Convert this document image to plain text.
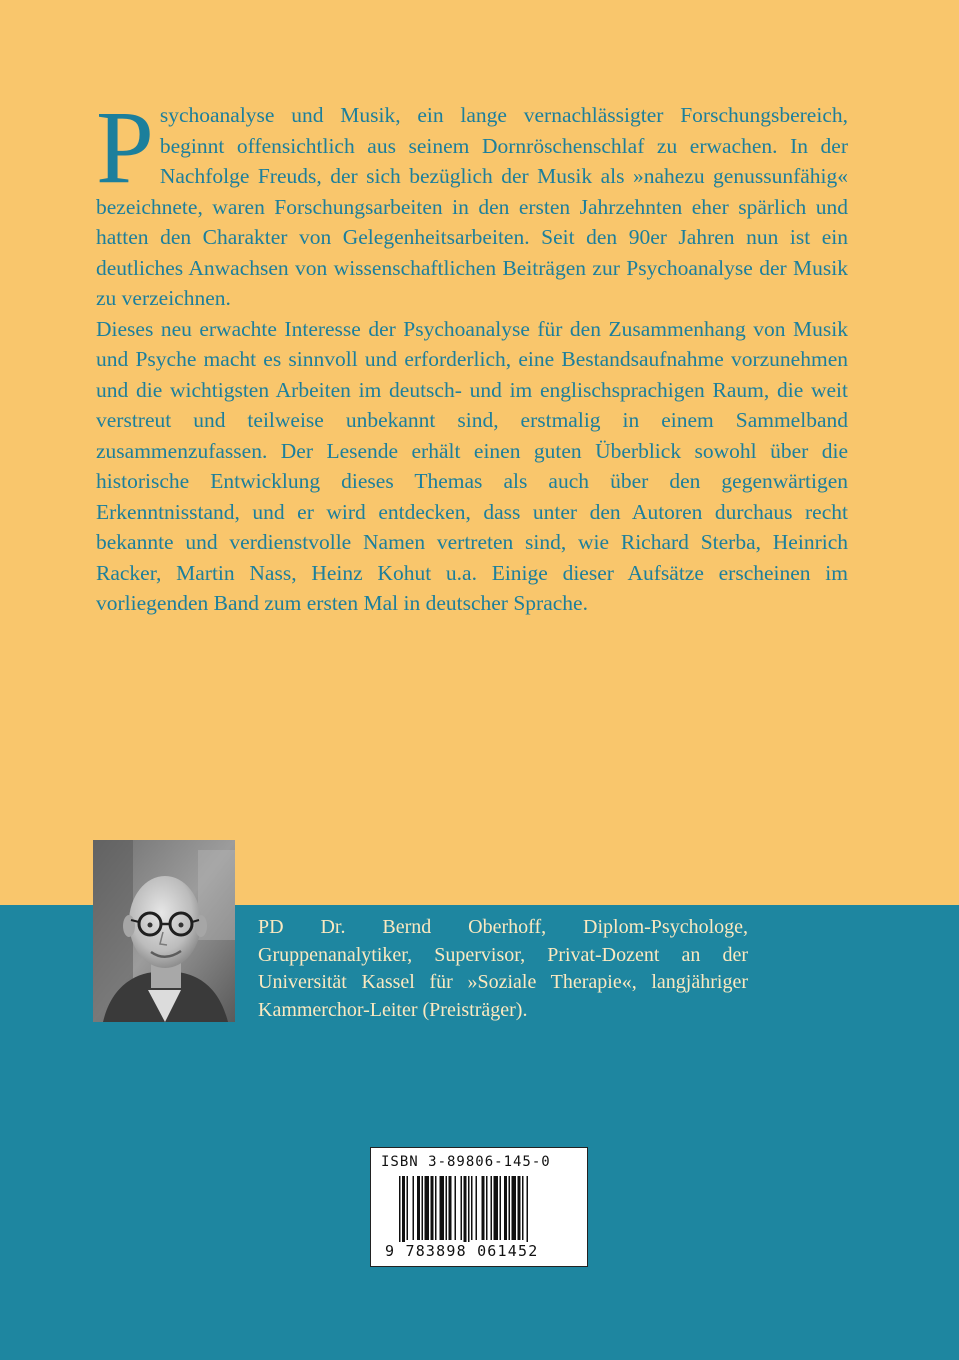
Psychoanalyse und Musik, ein lange vernachlässigter Forschungsbereich, beginnt offensichtlich aus seinem Dornröschenschlaf zu erwachen. In der Nachfolge Freuds, der sich bezüglich der Musik als »nahezu genussunfähig« bezeichnete, waren Forschungsarbeiten in den ersten Jahrzehnten eher spärlich und hatten den Charakter von Gelegenheitsarbeiten. Seit den 90er Jahren nun ist ein deutliches Anwachsen von wissenschaftlichen Beiträgen zur Psychoanalyse der Musik zu verzeichnen.

Dieses neu erwachte Interesse der Psychoanalyse für den Zusammenhang von Musik und Psyche macht es sinnvoll und erforderlich, eine Bestandsaufnahme vorzunehmen und die wichtigsten Arbeiten im deutsch- und im englischsprachigen Raum, die weit verstreut und teilweise unbekannt sind, erstmalig in einem Sammelband zusammenzufassen. Der Lesende erhält einen guten Überblick sowohl über die historische Entwicklung dieses Themas als auch über den gegenwärtigen Erkenntnisstand, und er wird entdecken, dass unter den Autoren durchaus recht bekannte und verdienstvolle Namen vertreten sind, wie Richard Sterba, Heinrich Racker, Martin Nass, Heinz Kohut u.a. Einige dieser Aufsätze erscheinen im vorliegenden Band zum ersten Mal in deutscher Sprache.

PD Dr. Bernd Oberhoff, Diplom-Psychologe, Gruppenanalytiker, Supervisor, Privat-Dozent an der Universität Kassel für »Soziale Therapie«, langjähriger Kammerchor-Leiter (Preisträger).

ISBN 3-89806-145-0
9 783898 061452
